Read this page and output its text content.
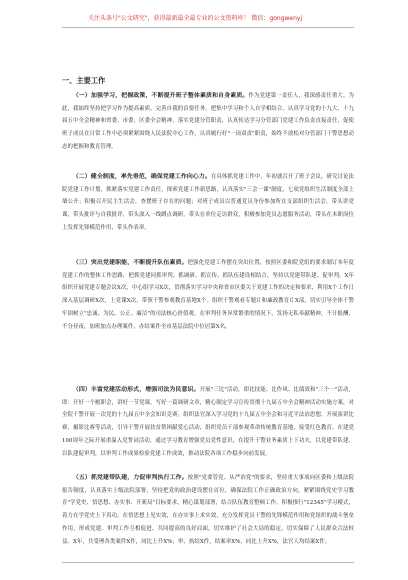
关注头条号"公文研究"，获得最新最全最专业的公文资料库！ 微信：gongwenyj
一、主要工作

（一）加强学习，把握政策，不断提升班子整体素质和自身素质。作为党建第一责任人，我深感责任重大。为此，我始终坚持把学习作为提高素质、完善自我的首要任务。把集中学习和个人自学相结合，认真学习党的十九大、十九届五中全会精神和省委、市委、区委全会精神，落实党建分管职责，认真传达学习分管部门党建工作负责直接责任，促使班子成员在日常工作中必须紧紧围绕人民法院中心工作，认真履行好"一岗双责"职责，始终不放松对分管部门干警思想动态的把握和教育管理。

（二）健全制度，率先垂范，确保党建工作向心力。在具体抓党建工作中，年初就召开了班子会议，研究讨论法院党建工作计划，抓紧落实党建工作责任，探索党建工作新思路，认真落实"三会一课"制度，七项党组织生活制度全部上墙公开；积极召开民主生活会，查摆班子存在的问题；对班子成员以普通党员身份参加所在支部组织生活会，带头讲党课，带头批评与自我批评，带头深入一线蹲点调研，带头在单位走访群众，积极参加党员志愿服务活动，带头在本职岗位上发挥先锋模范作用，带头作表率。

（三）突出党建职能，不断提升队伍素质。把强化党建工作摆在突出位置，按照区委和院党组的要求制订本年度党建工作的整体工作思路，把抓党建同抓审判、抓调研、抓宣传、抓队伍建设相结合，坚持以党建带队建、促审判。X年组织开展党建专题会议X次，中心组学习X次，贯彻落实学习中央和省市区委关于党建工作的决定和要求，利用X个工作日深入基层调研X次，上党课X次，带领干警参观教育基地X个。组织干警观看专题片和廉政教育片X部，切实引导全体干警牢固树立"忠诚、为民、公正、廉洁"的司法核心价值观，在审判任务异常繁重的情况下，发扬无私奉献精神，不计报酬，不分昼夜，加班加点办理案件，办结案件全市基层法院中位居第X名。

（四）丰富党建活动形式，增强司法为民意识。开展"三比"活动，即比技能、比作风、比绩效和"三个一"活动，即：开好一个履职会，讲好一节党课，写好一篇调研文章，精心制定学习宣传贯彻十九届五中全会精神活动实施方案，对全院干警开展一次党的十九届五中全会知识竞赛。组织法官深入学习党的十九届五中全会和习近平法治思想，开展演讲比赛、摄影比赛等活动，引导干警开展扶贫帮困献爱心活动，组织党员干部参观革命传统教育基地、接受红色教育，在建党100周年之际开展重温入党誓词活动，通过学习教育增强党员党性意识，在提升干警业务素质上下功夫，以党建带队建，以队建促审判，以审判工作成果检验党建工作成效，推动法院各项工作稳步向前发展。

（五）抓党建带队建，力促审判执行工作。按照"党要管党、从严治党"的要求，坚持重大事项向区委和上级法院报告制度，认真落实上级法院部署，坚持把党的政治建设摆在首位，确保法院工作正确政治方向，紧紧围绕党史学习教育"学党史、悟思想、办实事、开新局"目标要求，精心谋划部署，结合队伍教育整顿工作，积极推行"12345"学习模式，着力在学党史上下真功，在悟思想上见实效，在办实事上求实效，充分发挥党员干警的先锋模范作用和党组织的战斗堡垒作用，形成党建、审判工作互相促进、共同提高的良好局面，切实维护了社会大局的稳定，切实保障了人民群众合法权益。X年，共受理各类案件X件，同比上升X%；审、执结X件，结案率X%，同比上升X%，法官人均结案X件。
